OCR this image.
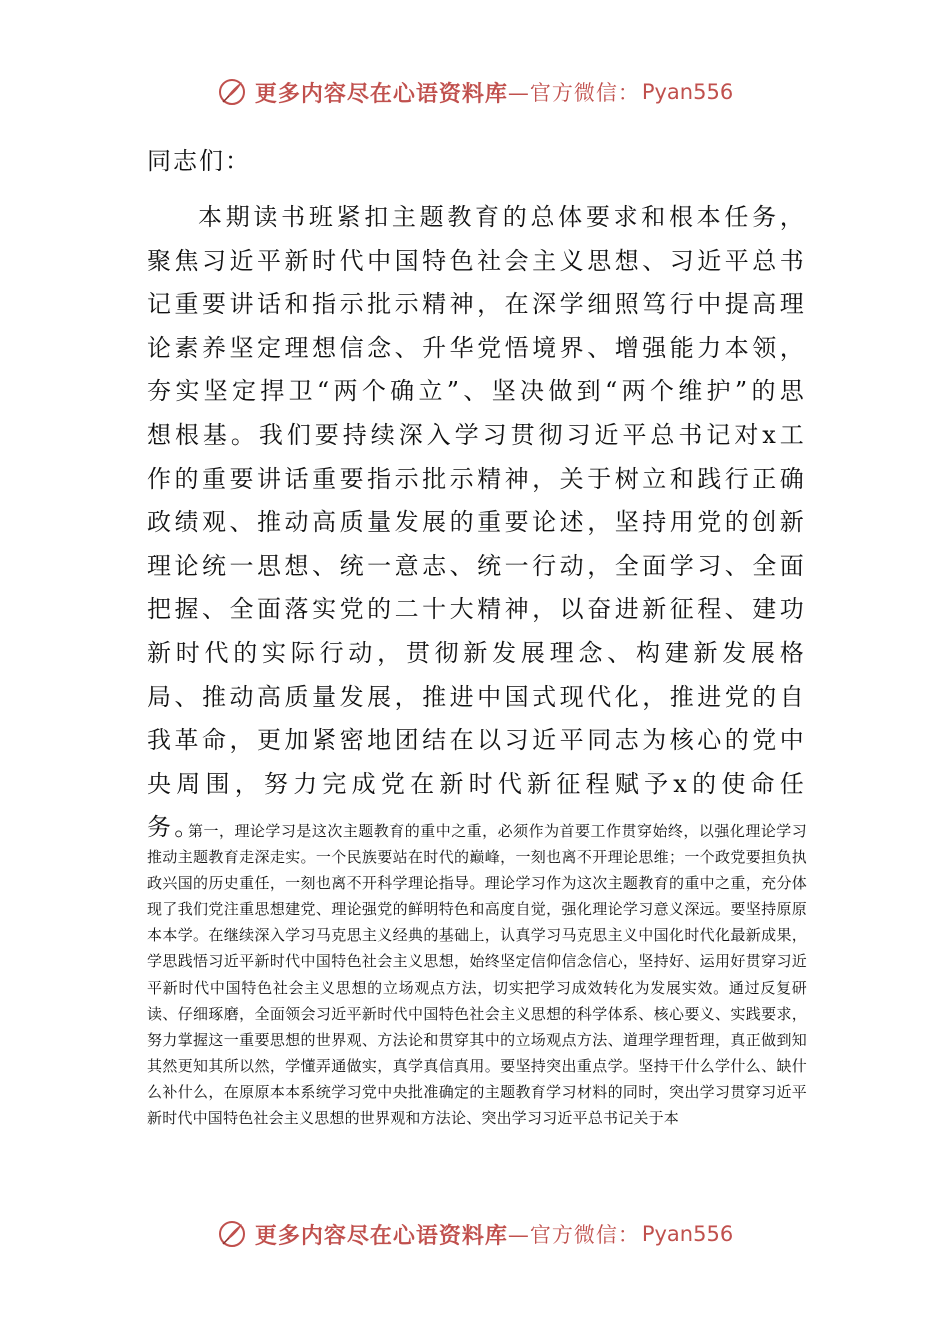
更多内容尽在心语资料库 —官方微信： Pyan556
同志们：

本期读书班紧扣主题教育的总体要求和根本任务，聚焦习近平新时代中国特色社会主义思想、习近平总书记重要讲话和指示批示精神，在深学细照笃行中提高理论素养坚定理想信念、升华党悟境界、增强能力本领，夯实坚定捍卫“两个确立”、坚决做到“两个维护”的思想根基。我们要持续深入学习贯彻习近平总书记对x工作的重要讲话重要指示批示精神，关于树立和践行正确政绩观、推动高质量发展的重要论述，坚持用党的创新理论统一思想、统一意志、统一行动，全面学习、全面把握、全面落实党的二十大精神，以奋进新征程、建功新时代的实际行动，贯彻新发展理念、构建新发展格局、推动高质量发展，推进中国式现代化，推进党的自我革命，更加紧密地团结在以习近平同志为核心的党中央周围，努力完成党在新时代新征程赋予x的使命任务。

第一，理论学习是这次主题教育的重中之重，必须作为首要工作贯穿始终，以强化理论学习推动主题教育走深走实。一个民族要站在时代的巅峰，一刻也离不开理论思维；一个政党要担负执政兴国的历史重任，一刻也离不开科学理论指导。理论学习作为这次主题教育的重中之重，充分体现了我们党注重思想建党、理论强党的鲜明特色和高度自觉，强化理论学习意义深远。要坚持原原本本学。在继续深入学习马克思主义经典的基础上，认真学习马克思主义中国化时代化最新成果，学思践悟习近平新时代中国特色社会主义思想，始终坚定信仰信念信心，坚持好、运用好贯穿习近平新时代中国特色社会主义思想的立场观点方法，切实把学习成效转化为发展实效。通过反复研读、仔细琢磨，全面领会习近平新时代中国特色社会主义思想的科学体系、核心要义、实践要求，努力掌握这一重要思想的世界观、方法论和贯穿其中的立场观点方法、道理学理哲理，真正做到知其然更知其所以然，学懂弄通做实，真学真信真用。要坚持突出重点学。坚持干什么学什么、缺什么补什么，在原原本本系统学习党中央批准确定的主题教育学习材料的同时，突出学习贯穿习近平新时代中国特色社会主义思想的世界观和方法论、突出学习习近平总书记关于本

更多内容尽在心语资料库 —官方微信： Pyan556
